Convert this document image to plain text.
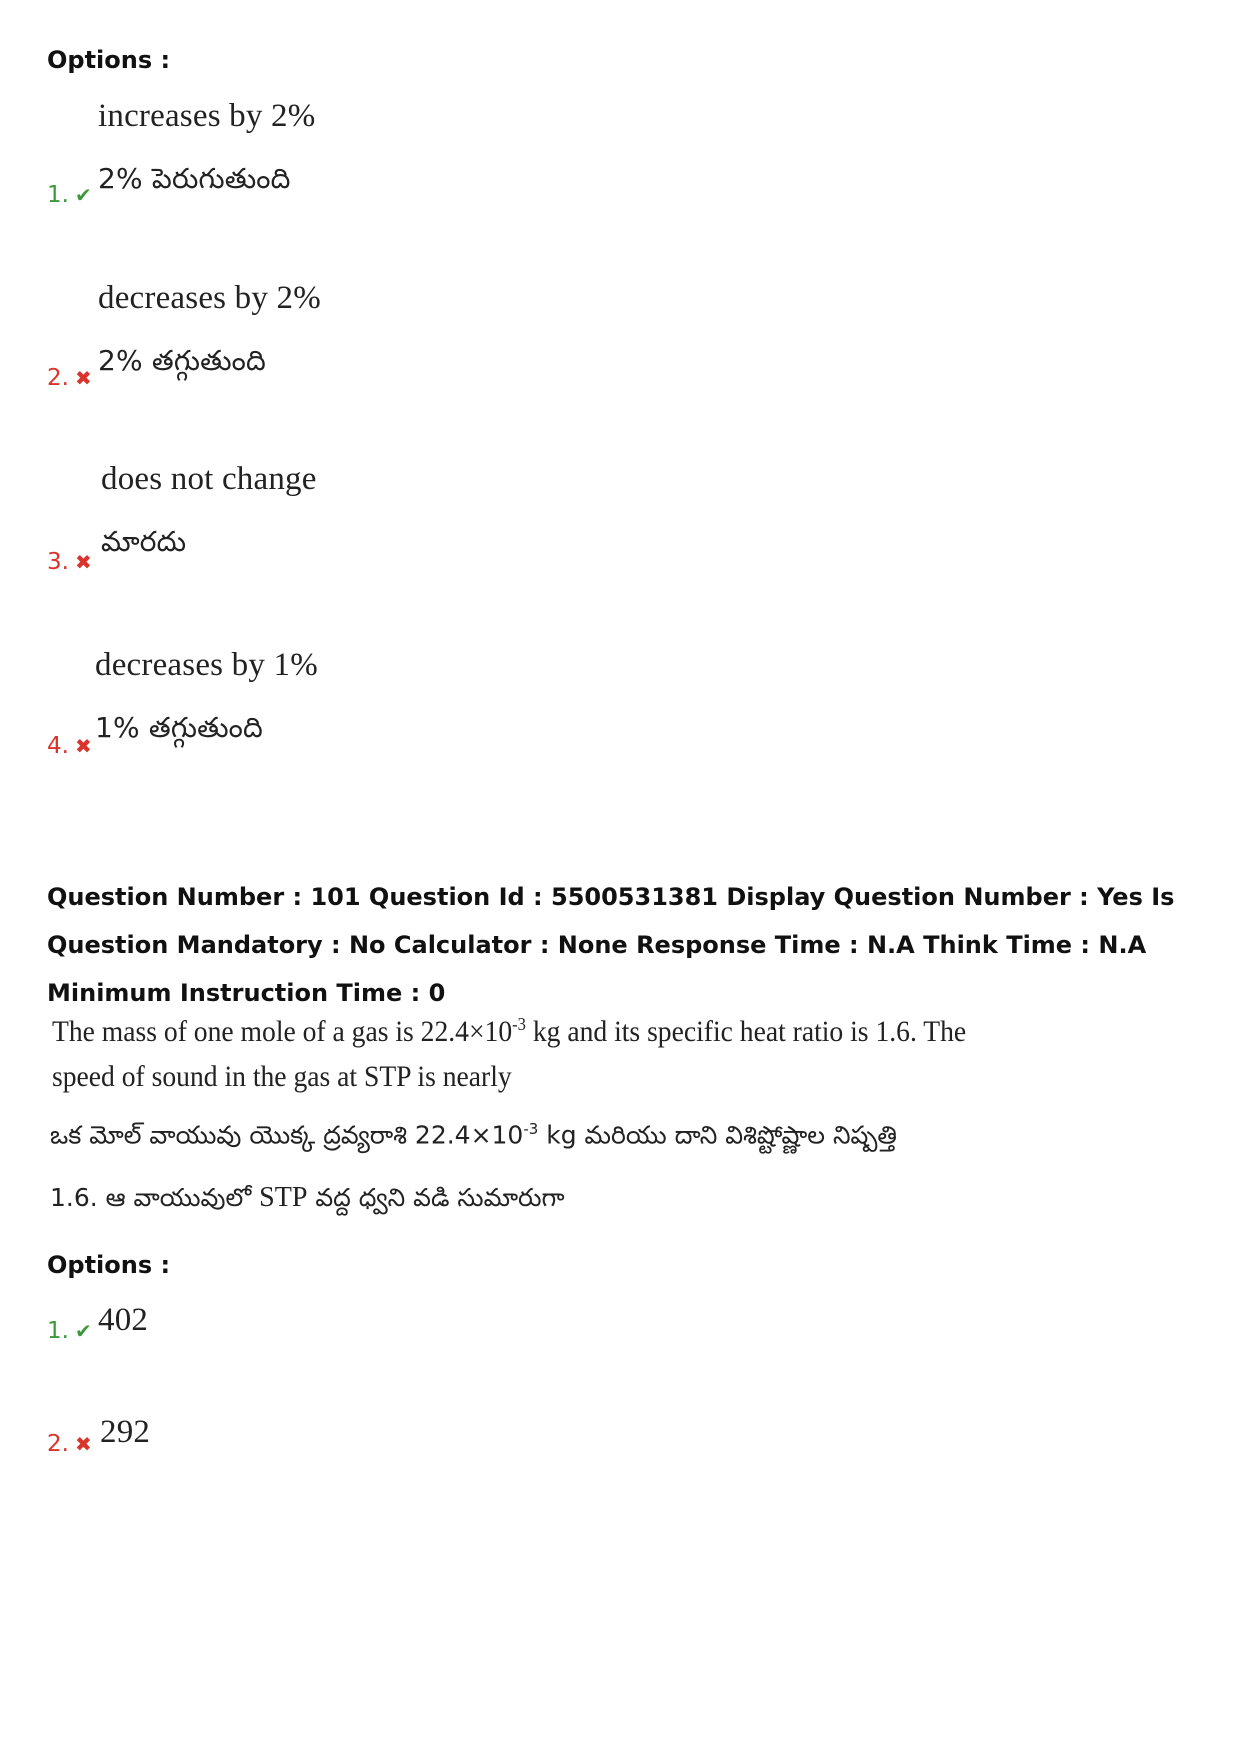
Options :
increases by 2%
2% పెరుగుతుంది
1. ✔
decreases by 2%
2% తగ్గుతుంది
2. ✖
does not change
మారదు
3. ✖
decreases by 1%
1% తగ్గుతుంది
4. ✖
Question Number : 101 Question Id : 5500531381 Display Question Number : Yes Is Question Mandatory : No Calculator : None Response Time : N.A Think Time : N.A Minimum Instruction Time : 0
The mass of one mole of a gas is $22.4\times 10^{-3}$ kg and its specific heat ratio is 1.6. The
speed of sound in the gas at STP is nearly
ఒక మోల్ వాయువు యొక్క ద్రవ్యరాశి $22.4\times 10^{-3}$ kg మరియు దాని విశిష్టోష్ణాల నిష్పత్తి
1.6. ఆ వాయువులో STP వద్ద ధ్వని వడి సుమారుగా
Options :
402
1. ✔
292
2. ✖
